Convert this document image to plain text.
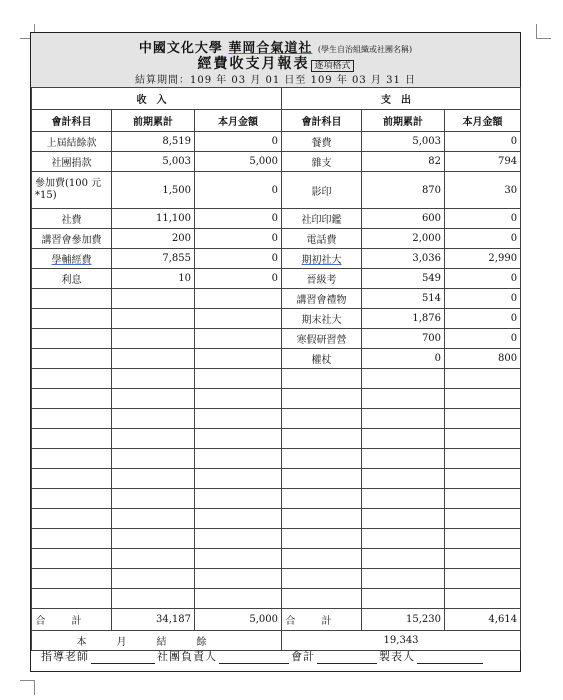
中國文化大學 華岡合氣道社 (學生自治組織或社團名稱)
經費收支月報表 逐項格式
結算期間：109 年 03 月 01 日至 109 年 03 月 31 日
收入			支出		
會計科目	前期累計	本月金額	會計科目	前期累計	本月金額
上屆結餘款	8,519	0	餐費	5,003	0
社團捐款	5,003	5,000	雜支	82	794
參加費(100 元*15)	1,500	0	影印	870	30
社費	11,100	0	社印印鑑	600	0
講習會參加費	200	0	電話費	2,000	0
學輔經費	7,855	0	期初社大	3,036	2,990
利息	10	0	晉級考	549	0
			講習會禮物	514	0
			期末社大	1,876	0
			寒假研習營	700	0
			權杖	0	800

合計	34,187	5,000	合計	15,230	4,614
本月結餘			19,343		
指導老師	社團負責人	會計	製表人
